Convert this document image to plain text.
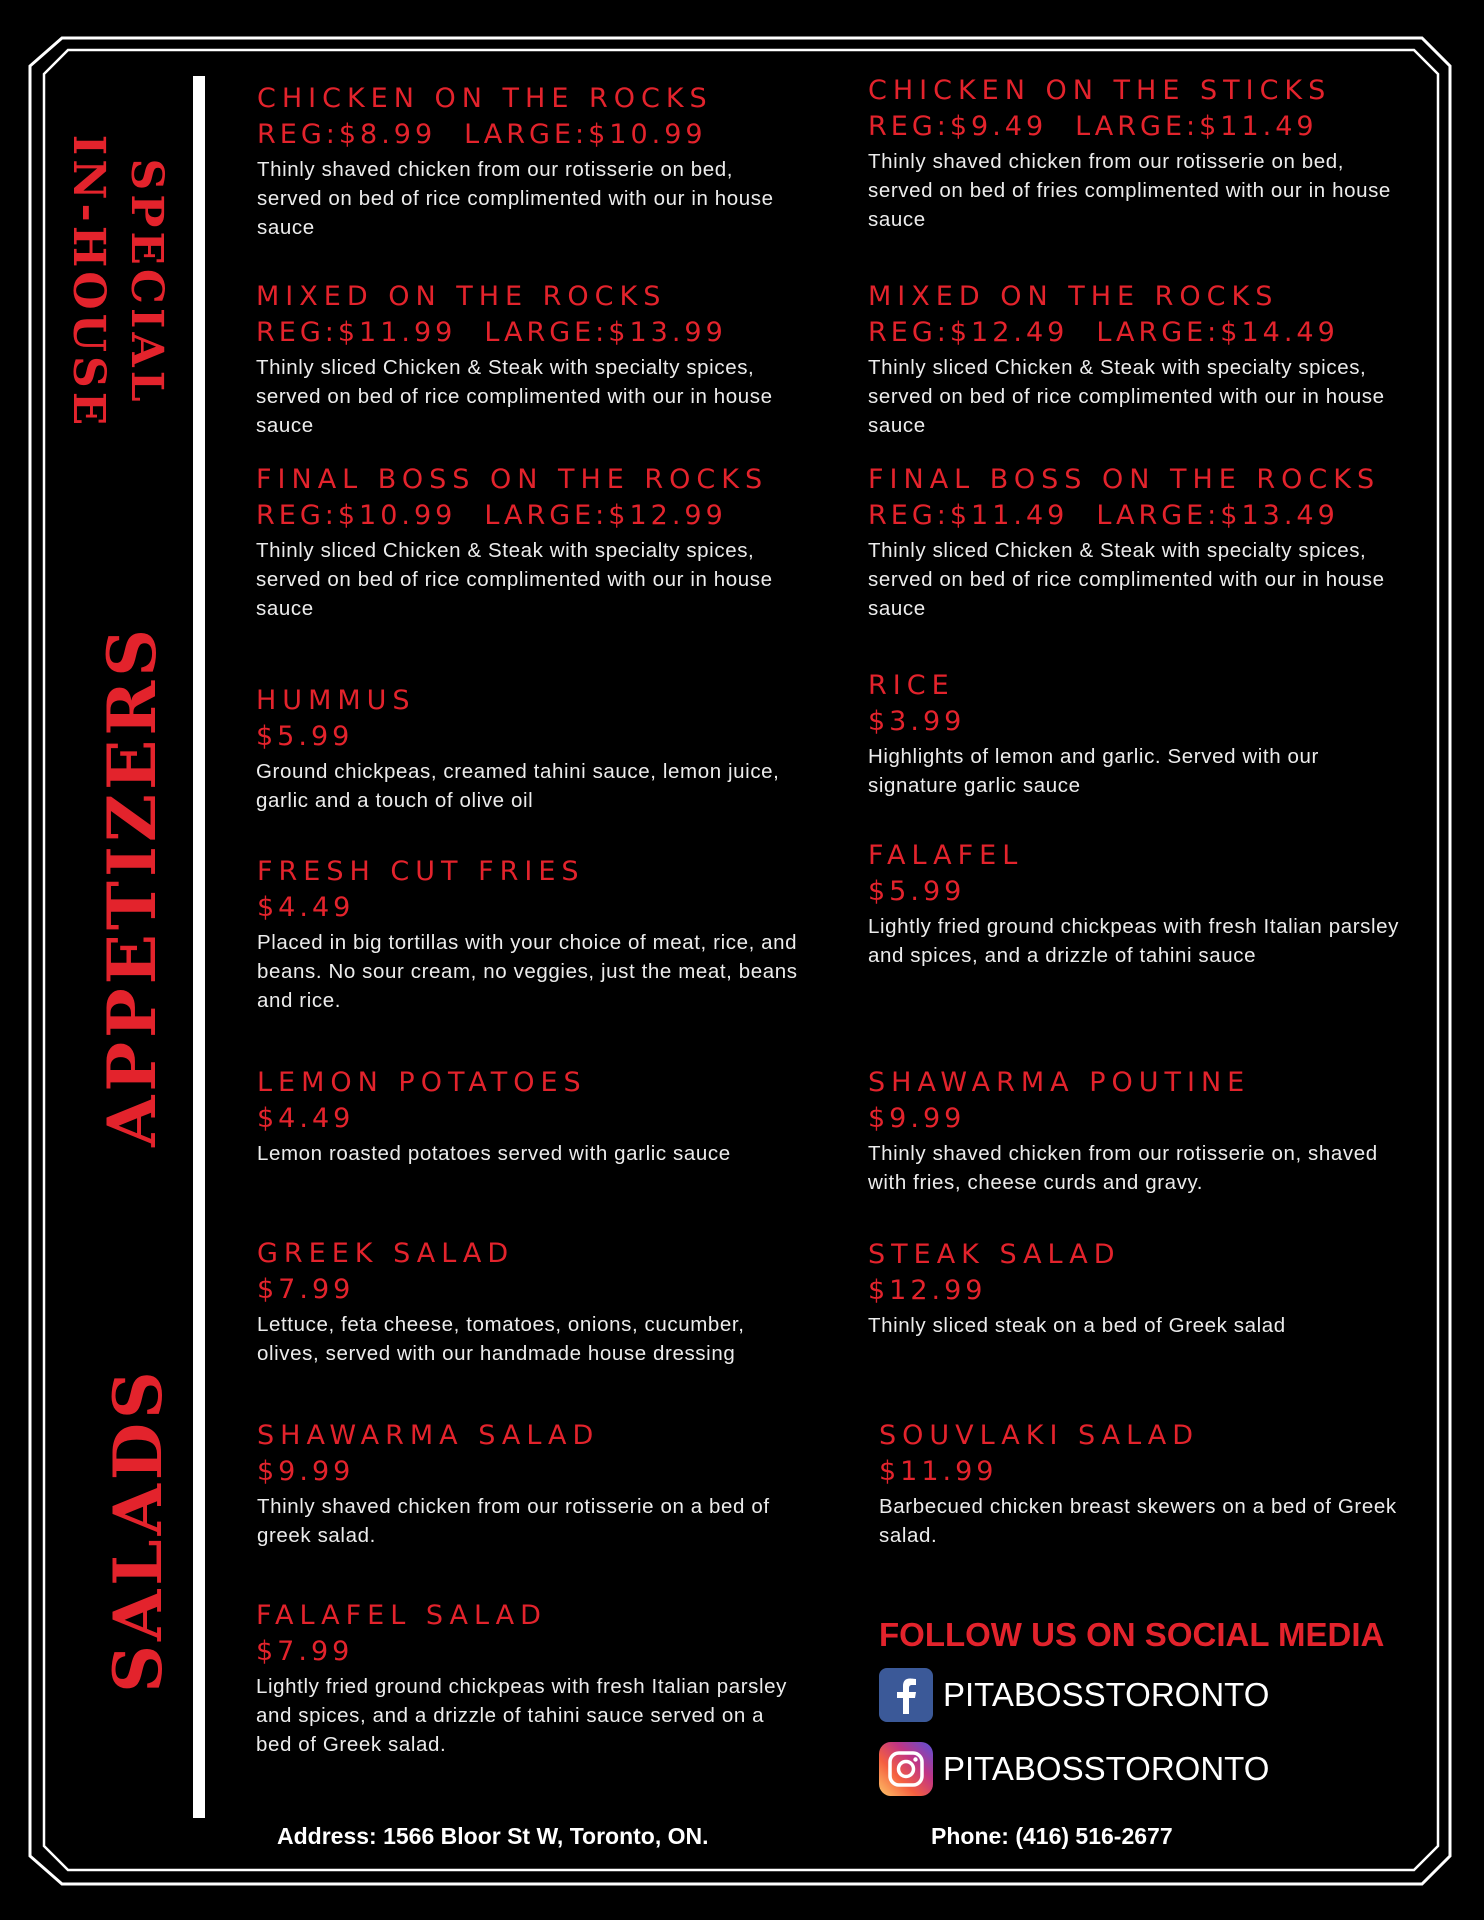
IN-HOUSE SPECIAL
APPETIZERS
SALADS
CHICKEN ON THE ROCKS
REG:$8.99 LARGE:$10.99
Thinly shaved chicken from our rotisserie on bed, served on bed of rice complimented with our in house sauce
CHICKEN ON THE STICKS
REG:$9.49 LARGE:$11.49
Thinly shaved chicken from our rotisserie on bed, served on bed of fries complimented with our in house sauce
MIXED ON THE ROCKS
REG:$11.99 LARGE:$13.99
Thinly sliced Chicken & Steak with specialty spices, served on bed of rice complimented with our in house sauce
MIXED ON THE ROCKS
REG:$12.49 LARGE:$14.49
Thinly sliced Chicken & Steak with specialty spices, served on bed of rice complimented with our in house sauce
FINAL BOSS ON THE ROCKS
REG:$10.99 LARGE:$12.99
Thinly sliced Chicken & Steak with specialty spices, served on bed of rice complimented with our in house sauce
FINAL BOSS ON THE ROCKS
REG:$11.49 LARGE:$13.49
Thinly sliced Chicken & Steak with specialty spices, served on bed of rice complimented with our in house sauce
HUMMUS
$5.99
Ground chickpeas, creamed tahini sauce, lemon juice, garlic and a touch of olive oil
RICE
$3.99
Highlights of lemon and garlic. Served with our signature garlic sauce
FRESH CUT FRIES
$4.49
Placed in big tortillas with your choice of meat, rice, and beans. No sour cream, no veggies, just the meat, beans and rice.
FALAFEL
$5.99
Lightly fried ground chickpeas with fresh Italian parsley and spices, and a drizzle of tahini sauce
LEMON POTATOES
$4.49
Lemon roasted potatoes served with garlic sauce
SHAWARMA POUTINE
$9.99
Thinly shaved chicken from our rotisserie on, shaved with fries, cheese curds and gravy.
GREEK SALAD
$7.99
Lettuce, feta cheese, tomatoes, onions, cucumber, olives, served with our handmade house dressing
STEAK SALAD
$12.99
Thinly sliced steak on a bed of Greek salad
SHAWARMA SALAD
$9.99
Thinly shaved chicken from our rotisserie on a bed of greek salad.
SOUVLAKI SALAD
$11.99
Barbecued chicken breast skewers on a bed of Greek salad.
FALAFEL SALAD
$7.99
Lightly fried ground chickpeas with fresh Italian parsley and spices, and a drizzle of tahini sauce served on a bed of Greek salad.
FOLLOW US ON SOCIAL MEDIA
PITABOSSTORONTO
PITABOSSTORONTO
Address: 1566 Bloor St W, Toronto, ON.	Phone: (416) 516-2677
